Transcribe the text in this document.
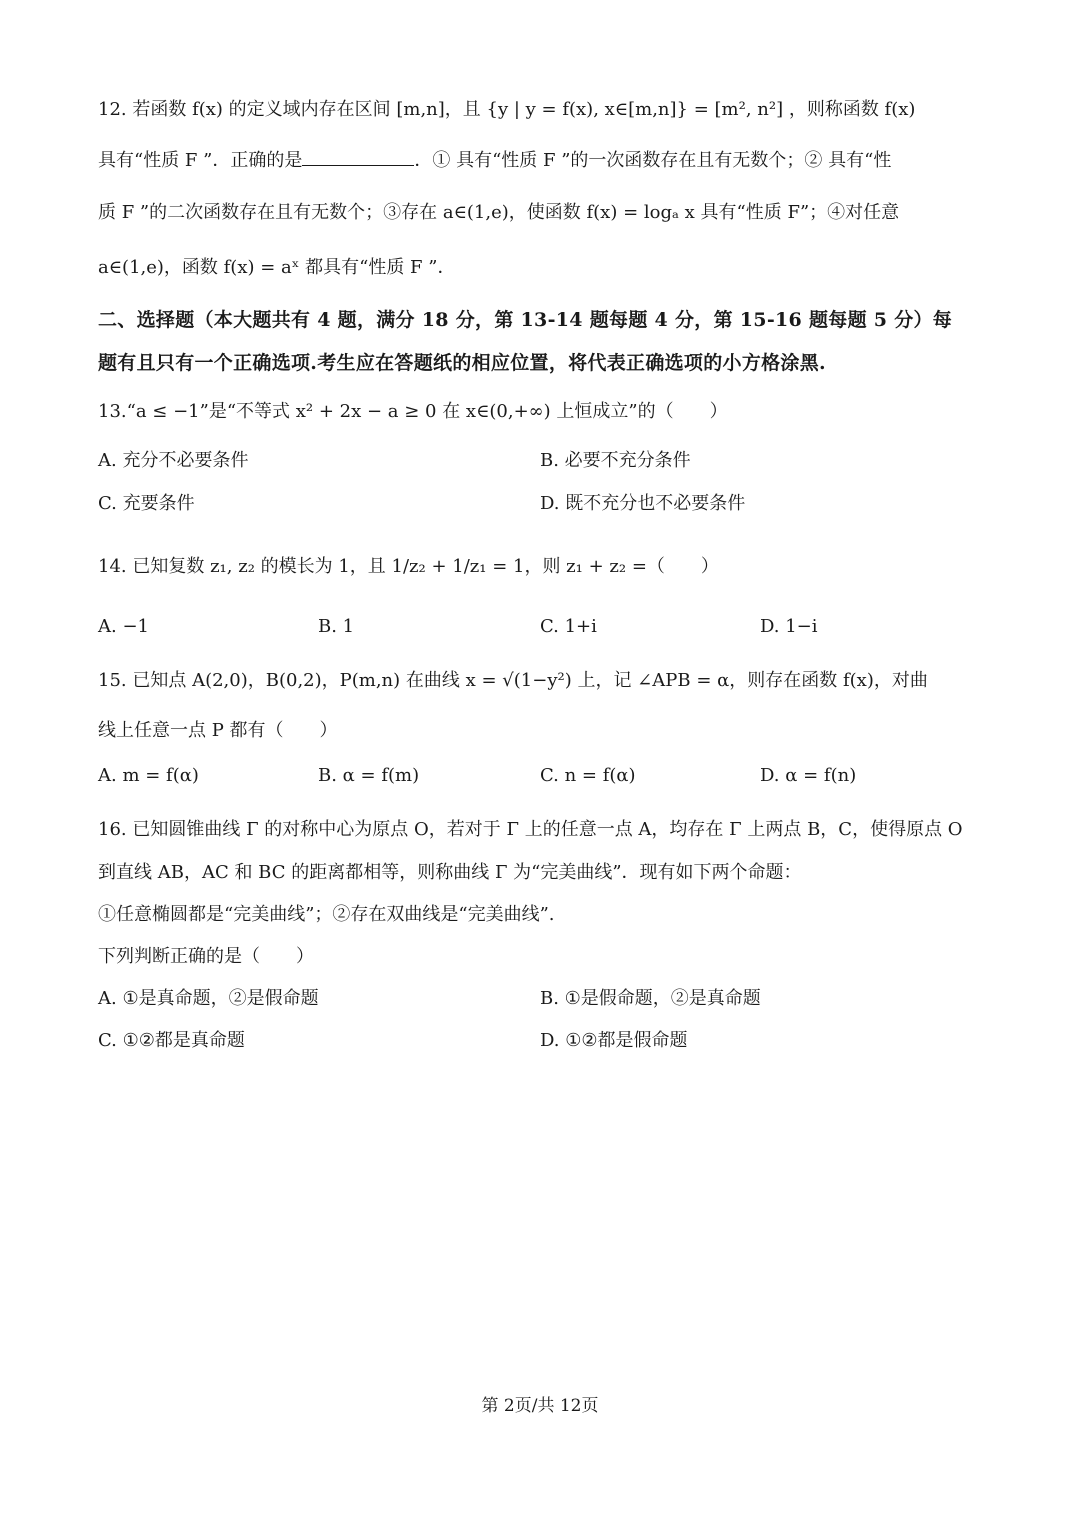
12. 若函数 f(x) 的定义域内存在区间 [m,n]，且 {y | y = f(x), x∈[m,n]} = [m², n²] ，则称函数 f(x)
具有“性质 F ”．正确的是	．① 具有“性质 F ”的一次函数存在且有无数个；② 具有“性
质 F ”的二次函数存在且有无数个；③存在 a∈(1,e)，使函数 f(x) = logₐ x 具有“性质 F”；④对任意
a∈(1,e)，函数 f(x) = aˣ 都具有“性质 F ”．
二、选择题（本大题共有 4 题，满分 18 分，第 13-14 题每题 4 分，第 15-16 题每题 5 分）每
题有且只有一个正确选项.考生应在答题纸的相应位置，将代表正确选项的小方格涂黑.
13.“a ≤ −1”是“不等式 x² + 2x − a ≥ 0 在 x∈(0,+∞) 上恒成立”的（　　）
A. 充分不必要条件	B. 必要不充分条件
C. 充要条件	D. 既不充分也不必要条件
14. 已知复数 z₁, z₂ 的模长为 1，且 1/z₂ + 1/z₁ = 1，则 z₁ + z₂ =（　　）
A. −1	B. 1	C. 1+i	D. 1−i
15. 已知点 A(2,0)，B(0,2)，P(m,n) 在曲线 x = √(1−y²) 上，记 ∠APB = α，则存在函数 f(x)，对曲
线上任意一点 P 都有（　　）
A. m = f(α)	B. α = f(m)	C. n = f(α)	D. α = f(n)
16. 已知圆锥曲线 Γ 的对称中心为原点 O，若对于 Γ 上的任意一点 A，均存在 Γ 上两点 B，C，使得原点 O
到直线 AB，AC 和 BC 的距离都相等，则称曲线 Γ 为“完美曲线”．现有如下两个命题：
①任意椭圆都是“完美曲线”；②存在双曲线是“完美曲线”.
下列判断正确的是（　　）
A. ①是真命题，②是假命题	B. ①是假命题，②是真命题
C. ①②都是真命题	D. ①②都是假命题
第 2页/共 12页
